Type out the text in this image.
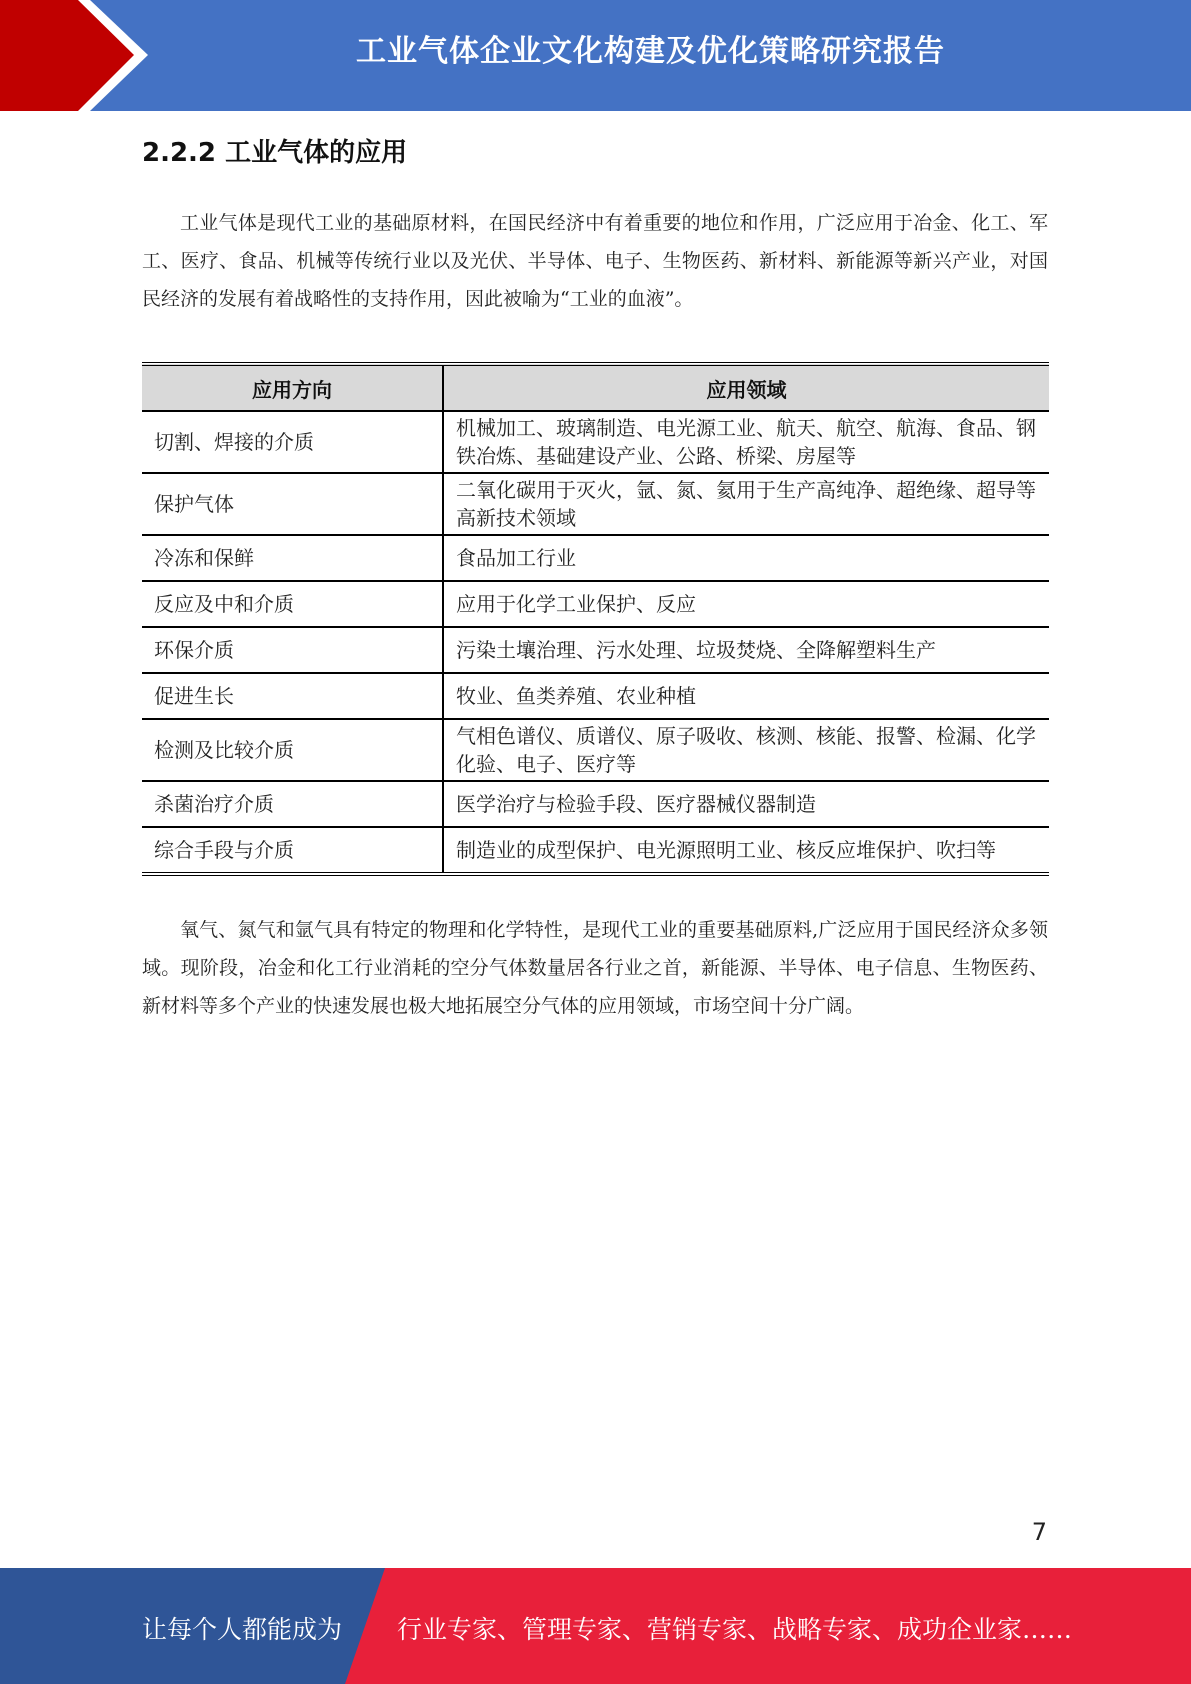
工业气体企业文化构建及优化策略研究报告
2.2.2 工业气体的应用

工业气体是现代工业的基础原材料，在国民经济中有着重要的地位和作用，广泛应用于冶金、化工、军工、医疗、食品、机械等传统行业以及光伏、半导体、电子、生物医药、新材料、新能源等新兴产业，对国民经济的发展有着战略性的支持作用，因此被喻为“工业的血液”。

应用方向	应用领域
切割、焊接的介质	机械加工、玻璃制造、电光源工业、航天、航空、航海、食品、钢铁冶炼、基础建设产业、公路、桥梁、房屋等
保护气体	二氧化碳用于灭火，氩、氮、氦用于生产高纯净、超绝缘、超导等高新技术领域
冷冻和保鲜	食品加工行业
反应及中和介质	应用于化学工业保护、反应
环保介质	污染土壤治理、污水处理、垃圾焚烧、全降解塑料生产
促进生长	牧业、鱼类养殖、农业种植
检测及比较介质	气相色谱仪、质谱仪、原子吸收、核测、核能、报警、检漏、化学化验、电子、医疗等
杀菌治疗介质	医学治疗与检验手段、医疗器械仪器制造
综合手段与介质	制造业的成型保护、电光源照明工业、核反应堆保护、吹扫等

氧气、氮气和氩气具有特定的物理和化学特性，是现代工业的重要基础原料,广泛应用于国民经济众多领域。现阶段，冶金和化工行业消耗的空分气体数量居各行业之首，新能源、半导体、电子信息、生物医药、新材料等多个产业的快速发展也极大地拓展空分气体的应用领域，市场空间十分广阔。

7
让每个人都能成为 行业专家、管理专家、营销专家、战略专家、成功企业家……
